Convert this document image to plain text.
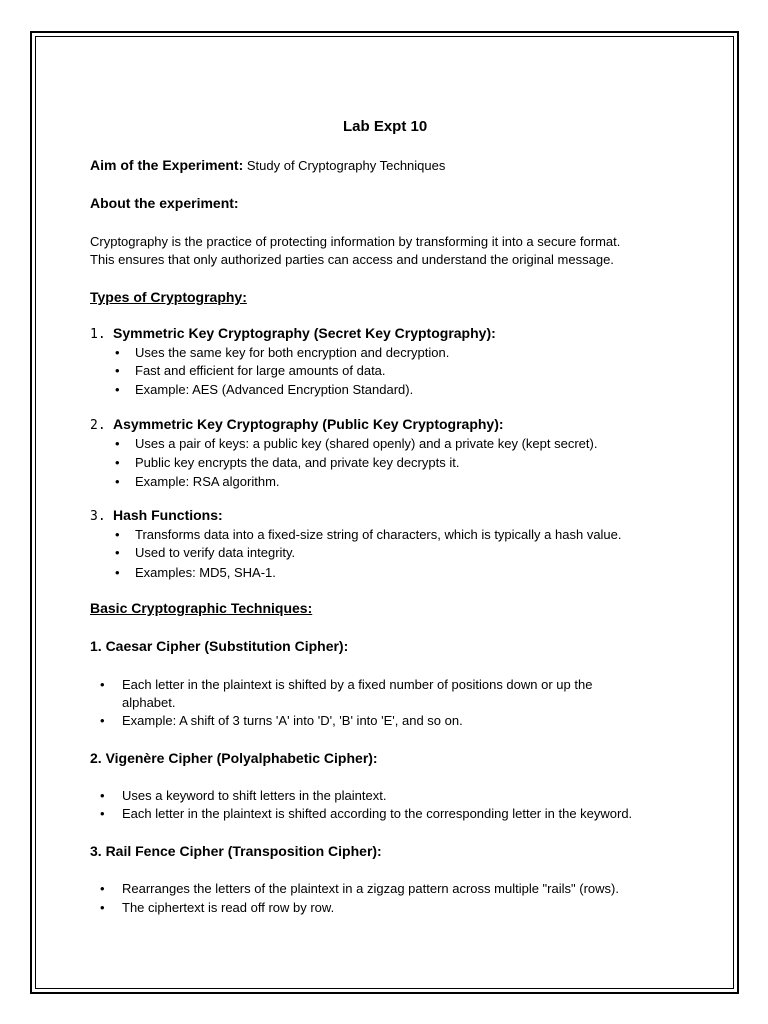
Lab Expt 10
Aim of the Experiment: Study of Cryptography Techniques
About the experiment:
Cryptography is the practice of protecting information by transforming it into a secure format.
This ensures that only authorized parties can access and understand the original message.
Types of Cryptography:
1. Symmetric Key Cryptography (Secret Key Cryptography):
• Uses the same key for both encryption and decryption.
• Fast and efficient for large amounts of data.
• Example: AES (Advanced Encryption Standard).
2. Asymmetric Key Cryptography (Public Key Cryptography):
• Uses a pair of keys: a public key (shared openly) and a private key (kept secret).
• Public key encrypts the data, and private key decrypts it.
• Example: RSA algorithm.
3. Hash Functions:
• Transforms data into a fixed-size string of characters, which is typically a hash value.
• Used to verify data integrity.
• Examples: MD5, SHA-1.
Basic Cryptographic Techniques:
1. Caesar Cipher (Substitution Cipher):
• Each letter in the plaintext is shifted by a fixed number of positions down or up the
alphabet.
• Example: A shift of 3 turns 'A' into 'D', 'B' into 'E', and so on.
2. Vigenère Cipher (Polyalphabetic Cipher):
• Uses a keyword to shift letters in the plaintext.
• Each letter in the plaintext is shifted according to the corresponding letter in the keyword.
3. Rail Fence Cipher (Transposition Cipher):
• Rearranges the letters of the plaintext in a zigzag pattern across multiple "rails" (rows).
• The ciphertext is read off row by row.
